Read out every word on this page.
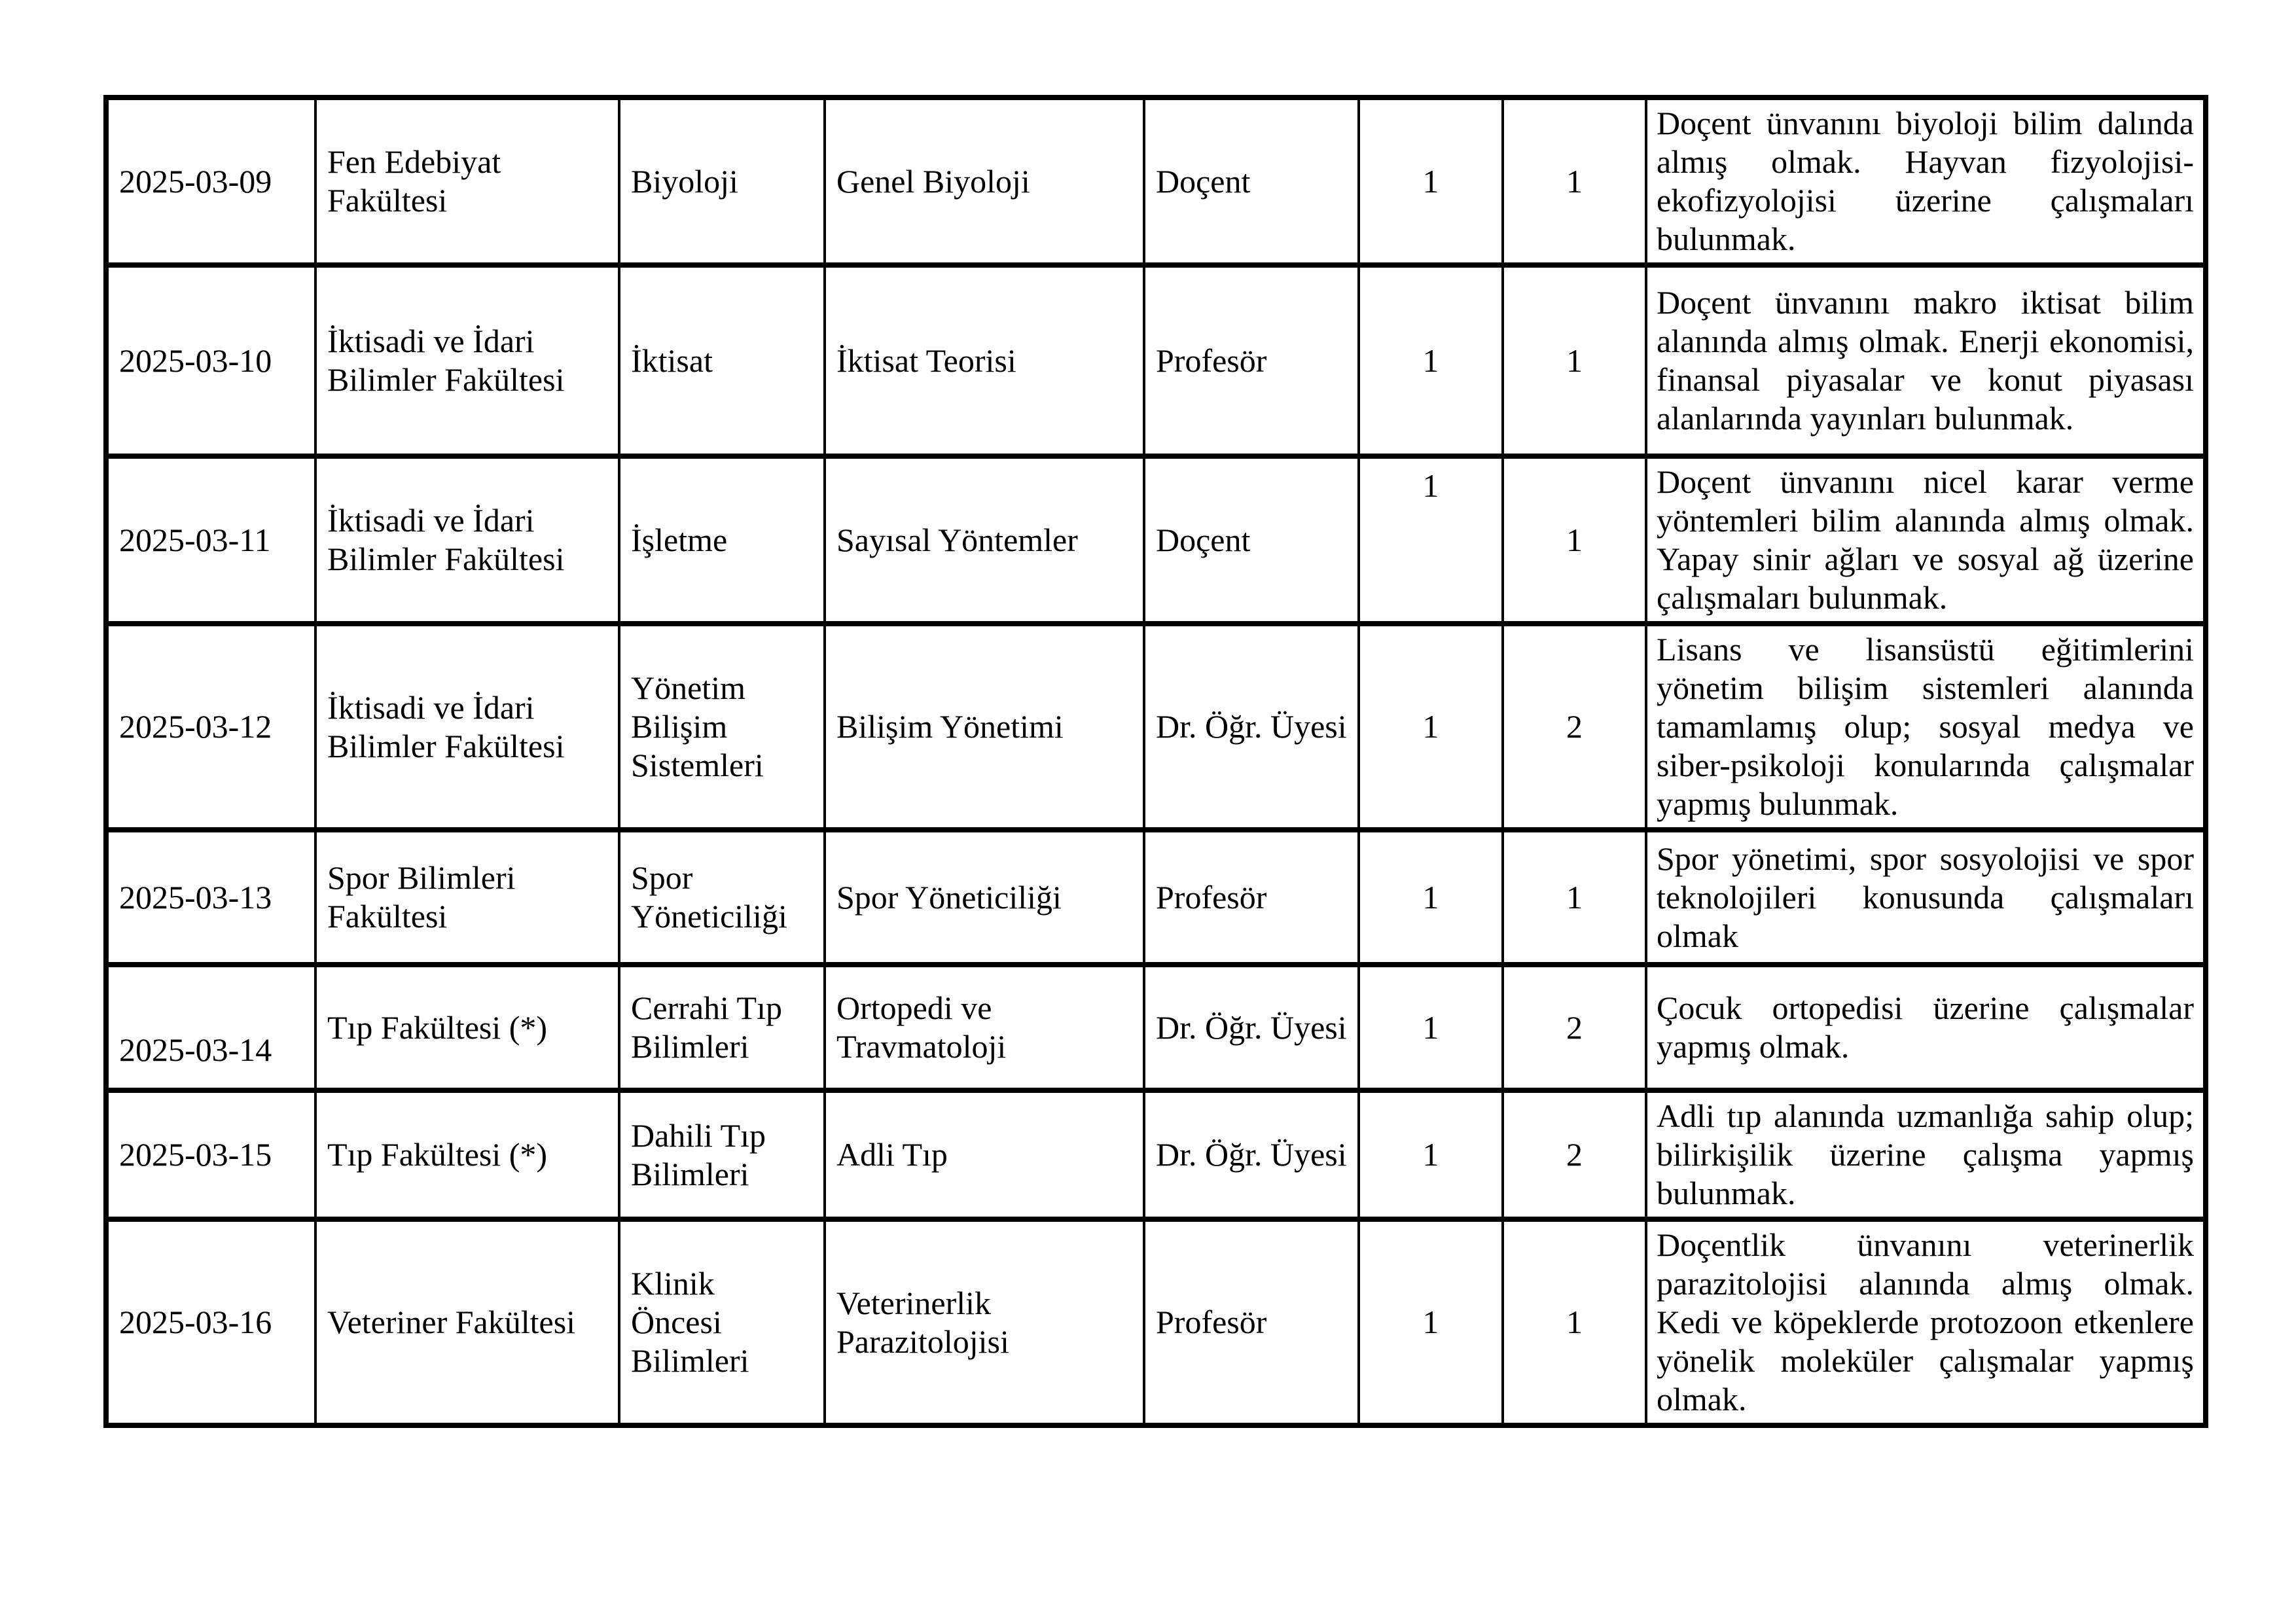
2025-03-09	Fen Edebiyat Fakültesi	Biyoloji	Genel Biyoloji	Doçent	1	1	Doçent ünvanını biyoloji bilim dalında almış olmak. Hayvan fizyolojisi-ekofizyolojisi üzerine çalışmaları bulunmak.
2025-03-10	İktisadi ve İdari Bilimler Fakültesi	İktisat	İktisat Teorisi	Profesör	1	1	Doçent ünvanını makro iktisat bilim alanında almış olmak. Enerji ekonomisi, finansal piyasalar ve konut piyasası alanlarında yayınları bulunmak.
2025-03-11	İktisadi ve İdari Bilimler Fakültesi	İşletme	Sayısal Yöntemler	Doçent	1	1	Doçent ünvanını nicel karar verme yöntemleri bilim alanında almış olmak. Yapay sinir ağları ve sosyal ağ üzerine çalışmaları bulunmak.
2025-03-12	İktisadi ve İdari Bilimler Fakültesi	Yönetim Bilişim Sistemleri	Bilişim Yönetimi	Dr. Öğr. Üyesi	1	2	Lisans ve lisansüstü eğitimlerini yönetim bilişim sistemleri alanında tamamlamış olup; sosyal medya ve siber-psikoloji konularında çalışmalar yapmış bulunmak.
2025-03-13	Spor Bilimleri Fakültesi	Spor Yöneticiliği	Spor Yöneticiliği	Profesör	1	1	Spor yönetimi, spor sosyolojisi ve spor teknolojileri konusunda çalışmaları olmak
2025-03-14	Tıp Fakültesi (*)	Cerrahi Tıp Bilimleri	Ortopedi ve Travmatoloji	Dr. Öğr. Üyesi	1	2	Çocuk ortopedisi üzerine çalışmalar yapmış olmak.
2025-03-15	Tıp Fakültesi (*)	Dahili Tıp Bilimleri	Adli Tıp	Dr. Öğr. Üyesi	1	2	Adli tıp alanında uzmanlığa sahip olup; bilirkişilik üzerine çalışma yapmış bulunmak.
2025-03-16	Veteriner Fakültesi	Klinik Öncesi Bilimleri	Veterinerlik Parazitolojisi	Profesör	1	1	Doçentlik ünvanını veterinerlik parazitolojisi alanında almış olmak. Kedi ve köpeklerde protozoon etkenlere yönelik moleküler çalışmalar yapmış olmak.
